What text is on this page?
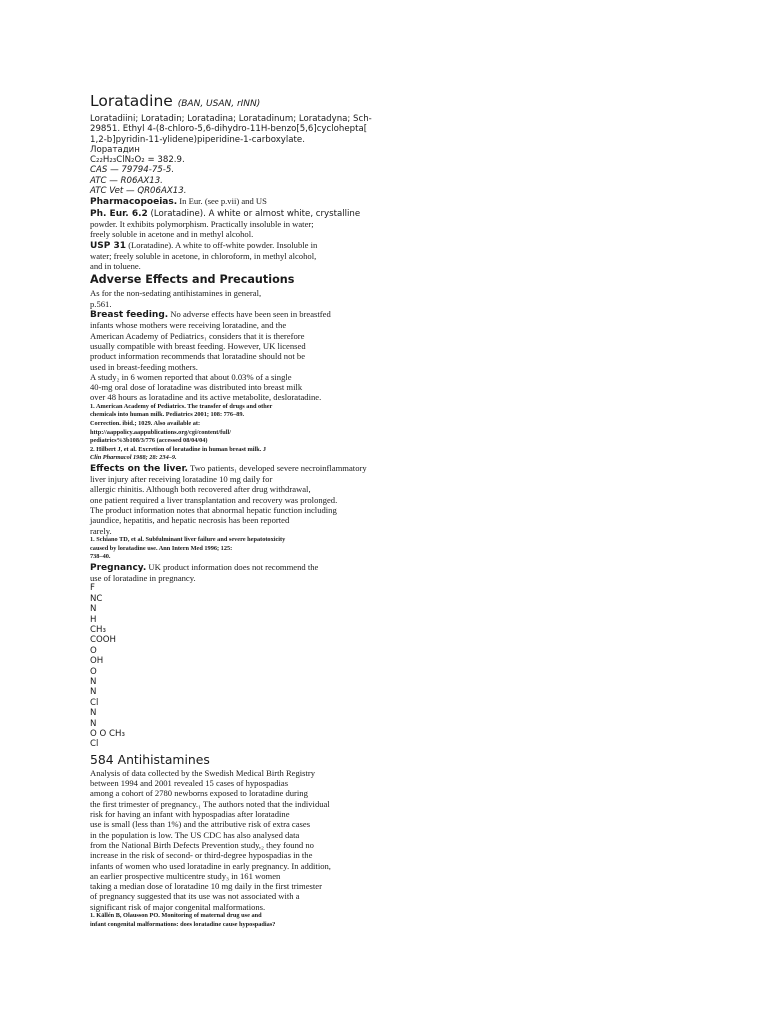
Loratadine (BAN, USAN, rINN)
Loratadiini; Loratadin; Loratadina; Loratadinum; Loratadyna; Sch-
29851. Ethyl 4-(8-chloro-5,6-dihydro-11H-benzo[5,6]cyclohepta[
1,2-b]pyridin-11-ylidene)piperidine-1-carboxylate.
Лоратадин
C₂₂H₂₃ClN₂O₂ = 382.9.
CAS — 79794-75-5.
ATC — R06AX13.
ATC Vet — QR06AX13.
Pharmacopoeias. In Eur. (see p.vii) and US
Ph. Eur. 6.2 (Loratadine). A white or almost white, crystalline
powder. It exhibits polymorphism. Practically insoluble in water;
freely soluble in acetone and in methyl alcohol.
USP 31 (Loratadine). A white to off-white powder. Insoluble in
water; freely soluble in acetone, in chloroform, in methyl alcohol,
and in toluene.
Adverse Effects and Precautions
As for the non-sedating antihistamines in general,
p.561.
Breast feeding. No adverse effects have been seen in breastfed
infants whose mothers were receiving loratadine, and the
American Academy of Pediatrics₁ considers that it is therefore
usually compatible with breast feeding. However, UK licensed
product information recommends that loratadine should not be
used in breast-feeding mothers.
A study₂ in 6 women reported that about 0.03% of a single
40-mg oral dose of loratadine was distributed into breast milk
over 48 hours as loratadine and its active metabolite, desloratadine.
1. American Academy of Pediatrics. The transfer of drugs and other
chemicals into human milk. Pediatrics 2001; 108: 776–89.
Correction. ibid.; 1029. Also available at:
http://aappolicy.aappublications.org/cgi/content/full/
pediatrics%3b108/3/776 (accessed 08/04/04)
2. Hilbert J, et al. Excretion of loratadine in human breast milk. J
Clin Pharmacol 1988; 28: 234–9.
Effects on the liver. Two patients₁ developed severe necroinflammatory
liver injury after receiving loratadine 10 mg daily for
allergic rhinitis. Although both recovered after drug withdrawal,
one patient required a liver transplantation and recovery was prolonged.
The product information notes that abnormal hepatic function including
jaundice, hepatitis, and hepatic necrosis has been reported
rarely.
1. Schiano TD, et al. Subfulminant liver failure and severe hepatotoxicity
caused by loratadine use. Ann Intern Med 1996; 125:
738–40.
Pregnancy. UK product information does not recommend the
use of loratadine in pregnancy.
F
NC
N
H
CH₃
COOH
O
OH
O
N
N
Cl
N
N
O O CH₃
Cl
584 Antihistamines
Analysis of data collected by the Swedish Medical Birth Registry
between 1994 and 2001 revealed 15 cases of hypospadias
among a cohort of 2780 newborns exposed to loratadine during
the first trimester of pregnancy.₁ The authors noted that the individual
risk for having an infant with hypospadias after loratadine
use is small (less than 1%) and the attributive risk of extra cases
in the population is low. The US CDC has also analysed data
from the National Birth Defects Prevention study,₂ they found no
increase in the risk of second- or third-degree hypospadias in the
infants of women who used loratadine in early pregnancy. In addition,
an earlier prospective multicentre study₃ in 161 women
taking a median dose of loratadine 10 mg daily in the first trimester
of pregnancy suggested that its use was not associated with a
significant risk of major congenital malformations.
1. Källén B, Olausson PO. Monitoring of maternal drug use and
infant congenital malformations: does loratadine cause hypospadias?
